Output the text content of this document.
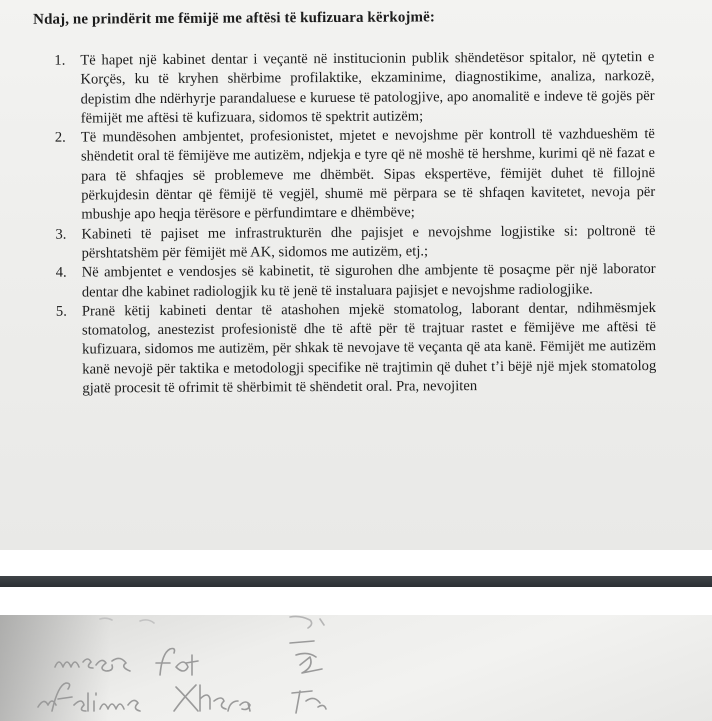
Ndaj, ne prindërit me fëmijë me aftësi të kufizuara kërkojmë:
1. Të hapet një kabinet dentar i veçantë në institucionin publik shëndetësor spitalor, në qytetin e Korçës, ku të kryhen shërbime profilaktike, ekzaminime, diagnostikime, analiza, narkozë, depistim dhe ndërhyrje parandaluese e kuruese të patologjive, apo anomalitë e indeve të gojës për fëmijët me aftësi të kufizuara, sidomos të spektrit autizëm;
2. Të mundësohen ambjentet, profesionistet, mjetet e nevojshme për kontroll të vazhdueshëm të shëndetit oral të fëmijëve me autizëm, ndjekja e tyre që në moshë të hershme, kurimi që në fazat e para të shfaqjes së problemeve me dhëmbët. Sipas ekspertëve, fëmijët duhet të fillojnë përkujdesin dëntar që fëmijë të vegjël, shumë më përpara se të shfaqen kavitetet, nevoja për mbushje apo heqja tërësore e përfundimtare e dhëmbëve;
3. Kabineti të pajiset me infrastrukturën dhe pajisjet e nevojshme logjistike si: poltronë të përshtatshëm për fëmijët më AK, sidomos me autizëm, etj.;
4. Në ambjentet e vendosjes së kabinetit, të sigurohen dhe ambjente të posaçme për një laborator dentar dhe kabinet radiologjik ku të jenë të instaluara pajisjet e nevojshme radiologjike.
5. Pranë këtij kabineti dentar të atashohen mjekë stomatolog, laborant dentar, ndihmësmjek stomatolog, anestezist profesionistë dhe të aftë për të trajtuar rastet e fëmijëve me aftësi të kufizuara, sidomos me autizëm, për shkak të nevojave të veçanta që ata kanë. Fëmijët me autizëm kanë nevojë për taktika e metodologji specifike në trajtimin që duhet t’i bëjë një mjek stomatolog gjatë procesit të ofrimit të shërbimit të shëndetit oral. Pra, nevojiten
